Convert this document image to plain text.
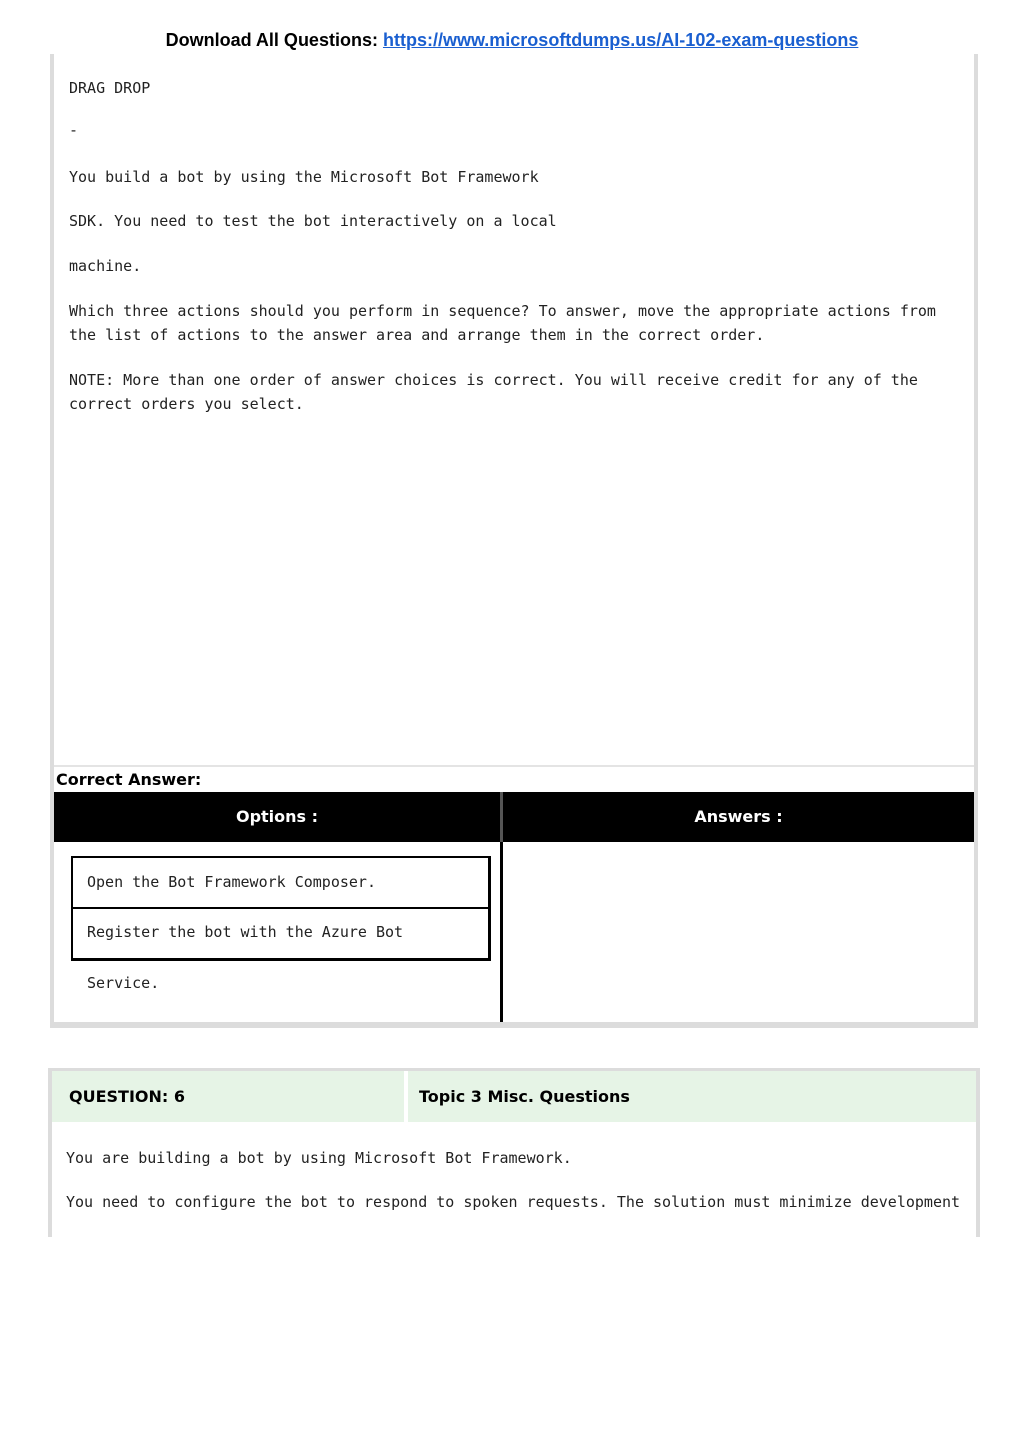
Download All Questions: https://www.microsoftdumps.us/AI-102-exam-questions

DRAG DROP

-

You build a bot by using the Microsoft Bot Framework

SDK. You need to test the bot interactively on a local

machine.

Which three actions should you perform in sequence? To answer, move the appropriate actions from the list of actions to the answer area and arrange them in the correct order.

NOTE: More than one order of answer choices is correct. You will receive credit for any of the correct orders you select.

Correct Answer:
Options :	Answers :
Open the Bot Framework Composer.
Register the bot with the Azure Bot
Service.
QUESTION: 6	Topic 3 Misc. Questions

You are building a bot by using Microsoft Bot Framework.

You need to configure the bot to respond to spoken requests. The solution must minimize development
